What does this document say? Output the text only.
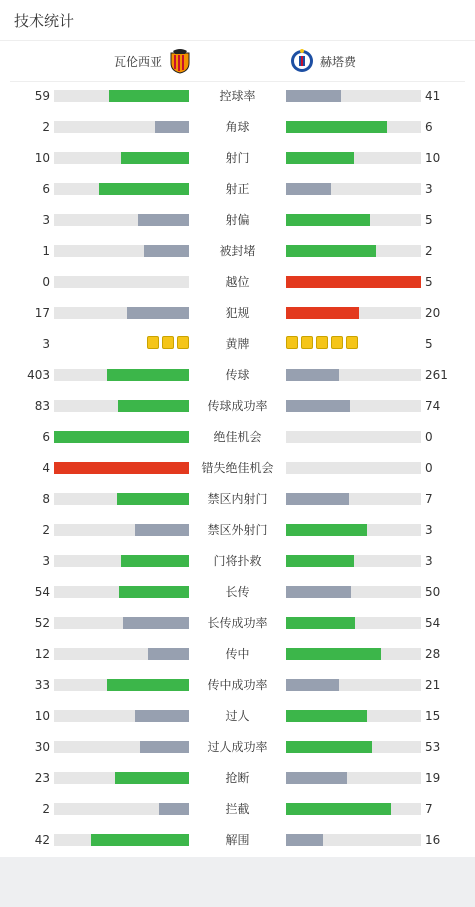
技术统计
瓦伦西亚	赫塔费
59	控球率	41
2	角球	6
10	射门	10
6	射正	3
3	射偏	5
1	被封堵	2
0	越位	5
17	犯规	20
3	黄牌	5
403	传球	261
83	传球成功率	74
6	绝佳机会	0
4	错失绝佳机会	0
8	禁区内射门	7
2	禁区外射门	3
3	门将扑救	3
54	长传	50
52	长传成功率	54
12	传中	28
33	传中成功率	21
10	过人	15
30	过人成功率	53
23	抢断	19
2	拦截	7
42	解围	16
